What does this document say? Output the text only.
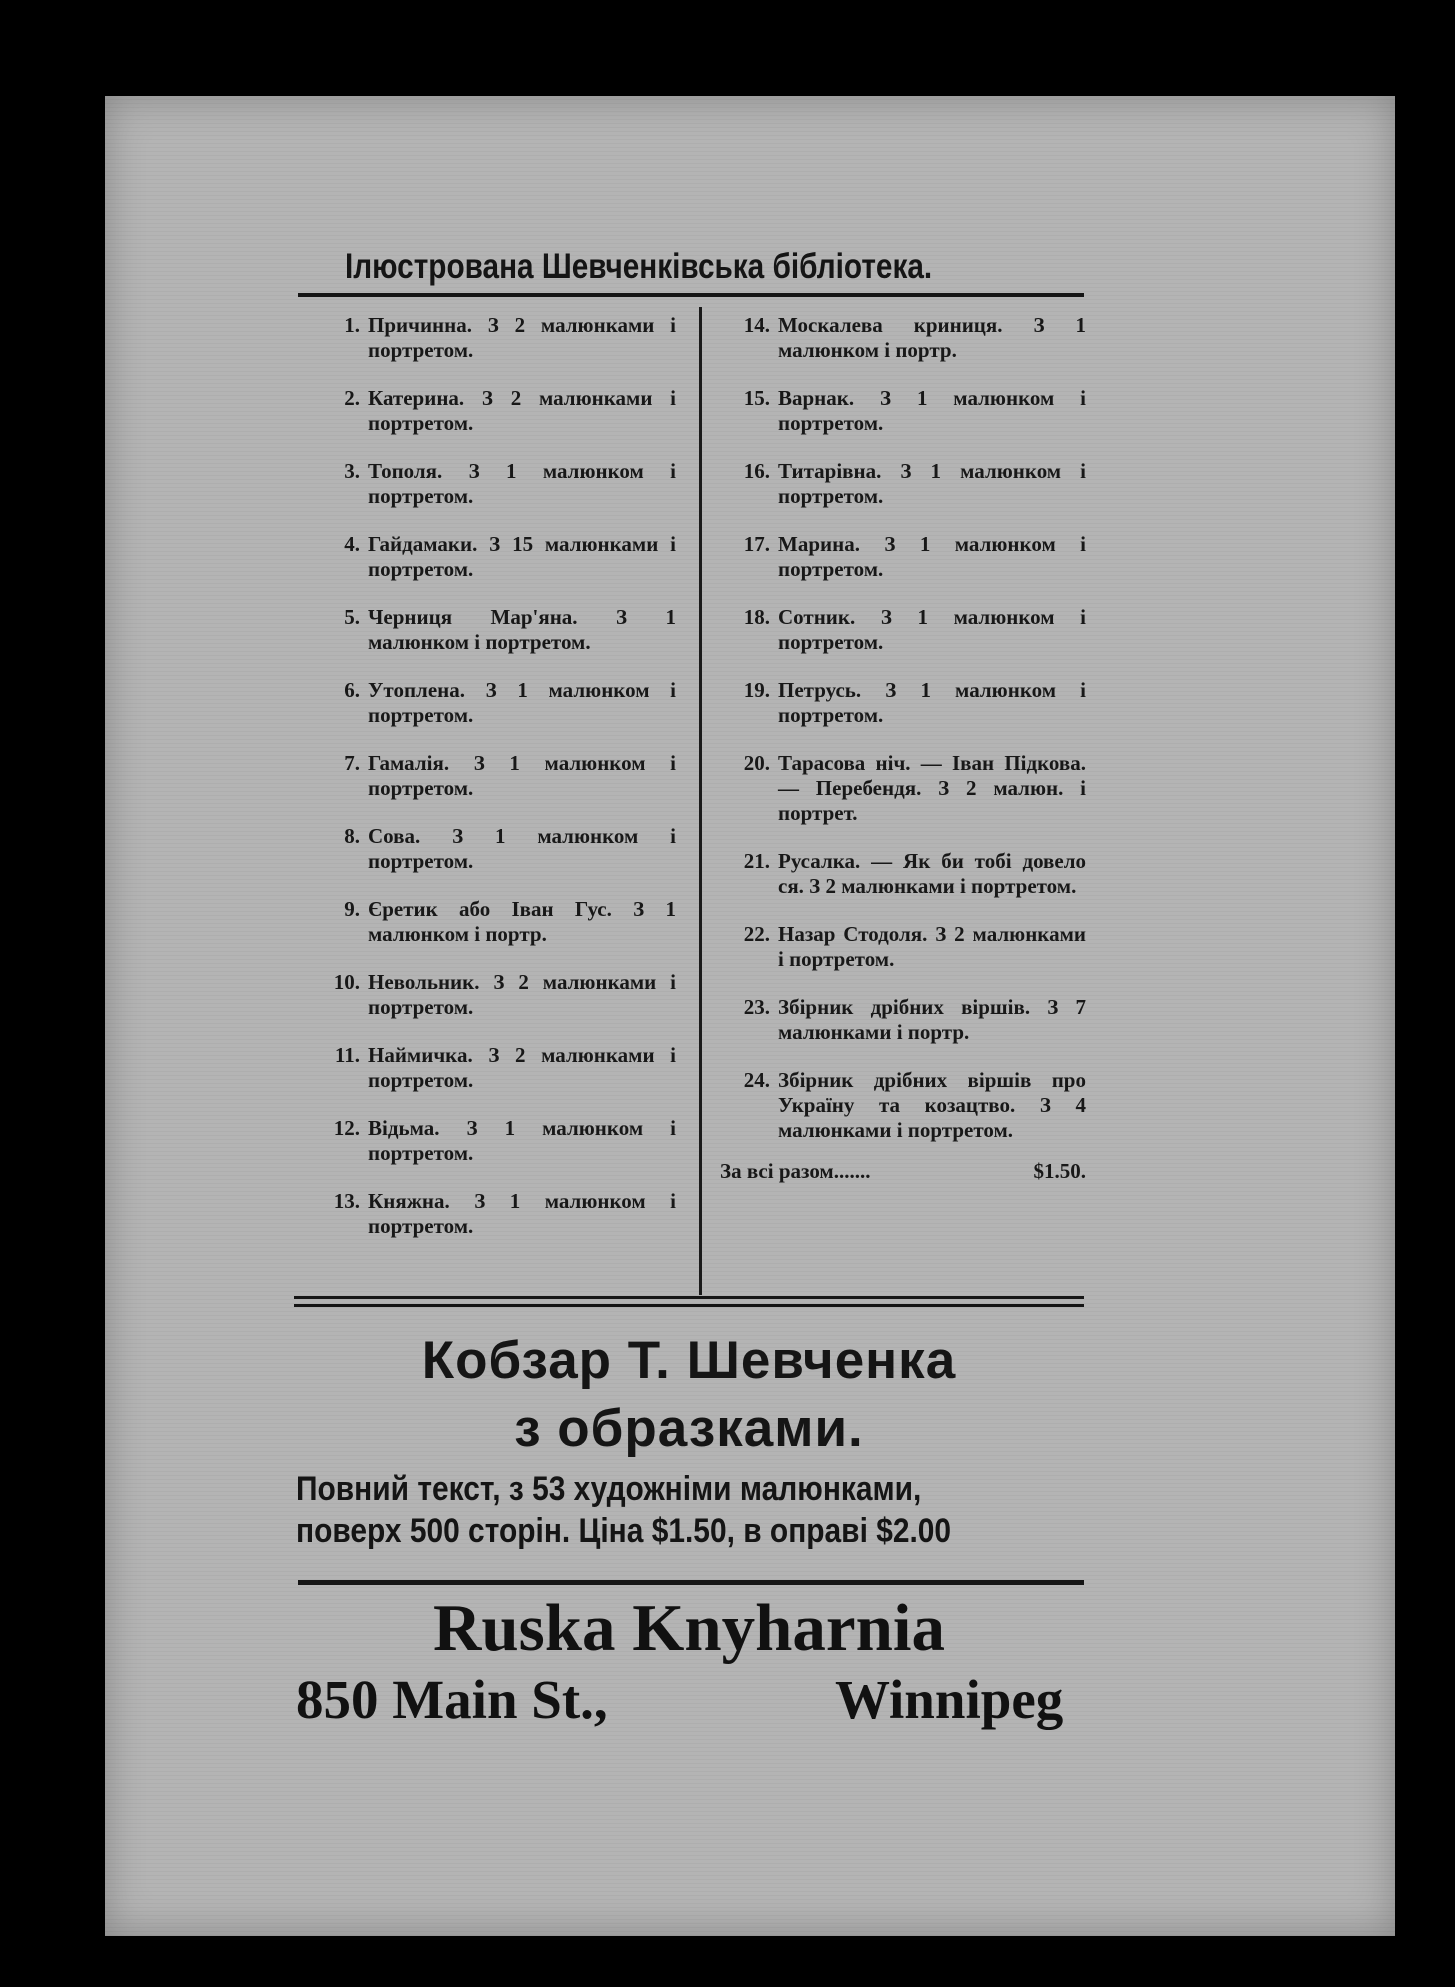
Ілюстрована Шевченківська бібліотека.
1. Причинна. З 2 малюнками і портретом.
2. Катерина. З 2 малюнками і портретом.
3. Тополя. З 1 малюнком і портретом.
4. Гайдамаки. З 15 малюнками і портретом.
5. Черниця Мар'яна. З 1 малюнком і портретом.
6. Утоплена. З 1 малюнком і портретом.
7. Гамалія. З 1 малюнком і портретом.
8. Сова. З 1 малюнком і портретом.
9. Єретик або Іван Гус. З 1 малюнком і портр.
10. Невольник. З 2 малюнками і портретом.
11. Наймичка. З 2 малюнками і портретом.
12. Відьма. З 1 малюнком і портретом.
13. Княжна. З 1 малюнком і портретом.
14. Москалева криниця. З 1 малюнком і портр.
15. Варнак. З 1 малюнком і портретом.
16. Титарівна. З 1 малюнком і портретом.
17. Марина. З 1 малюнком і портретом.
18. Сотник. З 1 малюнком і портретом.
19. Петрусь. З 1 малюнком і портретом.
20. Тарасова ніч. — Іван Підкова. — Перебендя. З 2 малюн. і портрет.
21. Русалка. — Як би тобі довело ся. З 2 малюнками і портретом.
22. Назар Стодоля. З 2 малюнками і портретом.
23. Збірник дрібних віршів. З 7 малюнками і портр.
24. Збірник дрібних віршів про Україну та козацтво. З 4 малюнками і портретом.
За всі разом.......	$1.50.
Кобзар Т. Шевченка
з образками.
Повний текст, з 53 художніми малюнками,
поверх 500 сторін. Ціна $1.50, в оправі $2.00
Ruska Knyharnia
850 Main St.,	Winnipeg
